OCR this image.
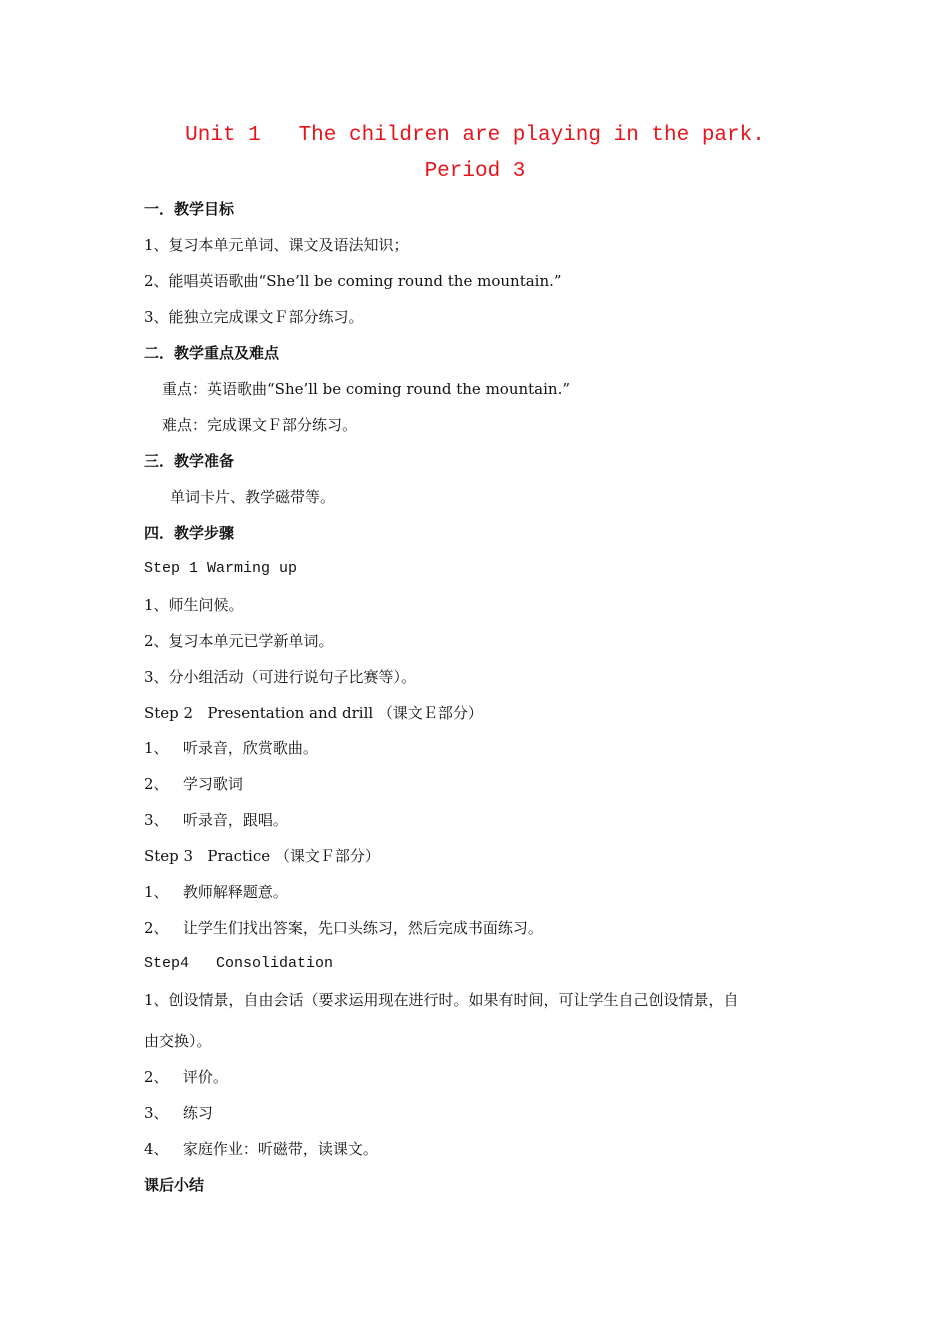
Unit 1   The children are playing in the park.
Period 3
一．教学目标
1、复习本单元单词、课文及语法知识；
2、能唱英语歌曲“She’ll be coming round the mountain.”
3、能独立完成课文Ｆ部分练习。
二．教学重点及难点
重点：英语歌曲“She’ll be coming round the mountain.”
难点：完成课文Ｆ部分练习。
三．教学准备
单词卡片、教学磁带等。
四．教学步骤
Step 1 Warming up
1、师生问候。
2、复习本单元已学新单词。
3、分小组活动（可进行说句子比赛等）。
Step 2   Presentation and drill （课文Ｅ部分）
1、   听录音，欣赏歌曲。
2、   学习歌词
3、   听录音，跟唱。
Step 3   Practice （课文Ｆ部分）
1、   教师解释题意。
2、   让学生们找出答案，先口头练习，然后完成书面练习。
Step4   Consolidation
1、创设情景，自由会话（要求运用现在进行时。如果有时间，可让学生自己创设情景，自
由交换）。
2、   评价。
3、   练习
4、   家庭作业：听磁带，读课文。
课后小结
